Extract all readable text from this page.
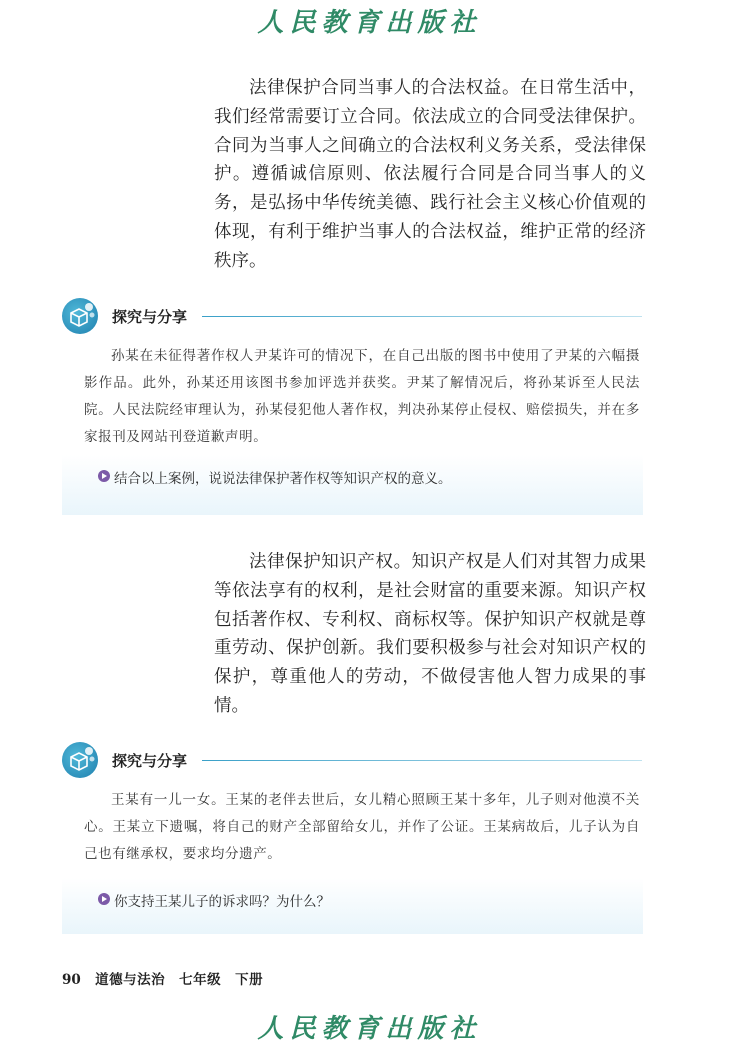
人民教育出版社

法律保护合同当事人的合法权益。在日常生活中，我们经常需要订立合同。依法成立的合同受法律保护。合同为当事人之间确立的合法权利义务关系，受法律保护。遵循诚信原则、依法履行合同是合同当事人的义务，是弘扬中华传统美德、践行社会主义核心价值观的体现，有利于维护当事人的合法权益，维护正常的经济秩序。

探究与分享

孙某在未征得著作权人尹某许可的情况下，在自己出版的图书中使用了尹某的六幅摄影作品。此外，孙某还用该图书参加评选并获奖。尹某了解情况后，将孙某诉至人民法院。人民法院经审理认为，孙某侵犯他人著作权，判决孙某停止侵权、赔偿损失，并在多家报刊及网站刊登道歉声明。

结合以上案例，说说法律保护著作权等知识产权的意义。

法律保护知识产权。知识产权是人们对其智力成果等依法享有的权利，是社会财富的重要来源。知识产权包括著作权、专利权、商标权等。保护知识产权就是尊重劳动、保护创新。我们要积极参与社会对知识产权的保护，尊重他人的劳动，不做侵害他人智力成果的事情。

探究与分享

王某有一儿一女。王某的老伴去世后，女儿精心照顾王某十多年，儿子则对他漠不关心。王某立下遗嘱，将自己的财产全部留给女儿，并作了公证。王某病故后，儿子认为自己也有继承权，要求均分遗产。

你支持王某儿子的诉求吗？为什么？
90 道德与法治　七年级　下册
人民教育出版社
